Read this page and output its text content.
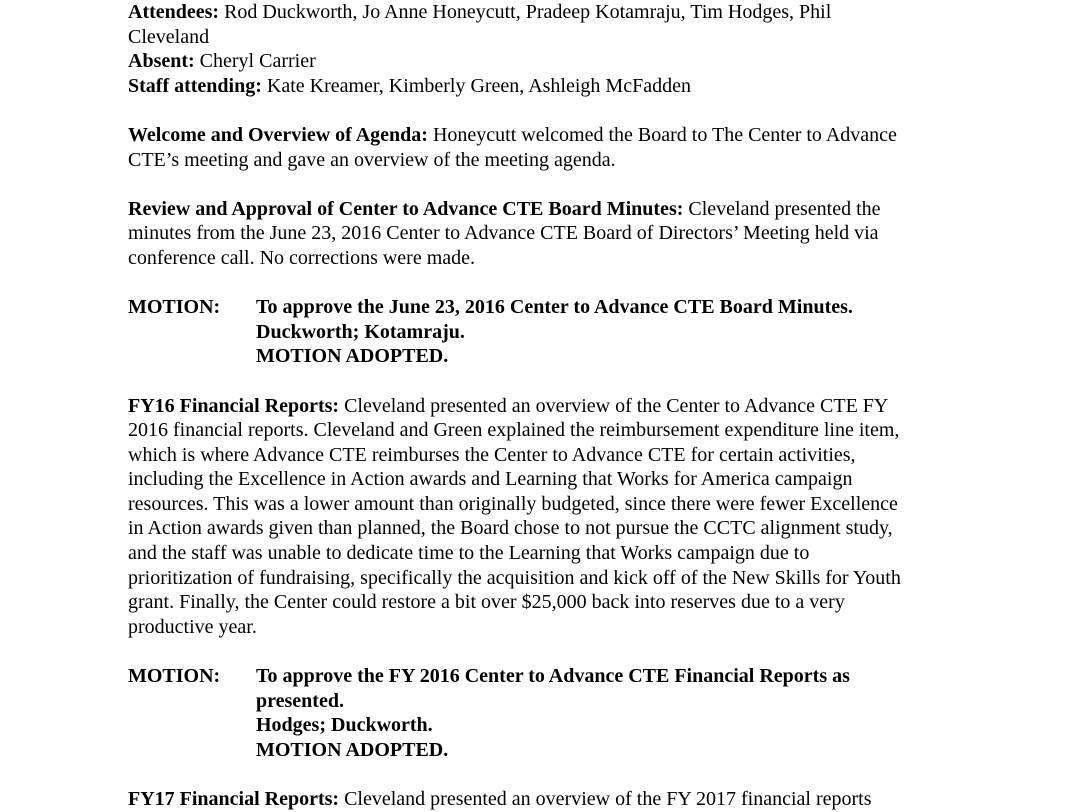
Attendees: Rod Duckworth, Jo Anne Honeycutt, Pradeep Kotamraju, Tim Hodges, Phil
Cleveland
Absent: Cheryl Carrier
Staff attending: Kate Kreamer, Kimberly Green, Ashleigh McFadden
Welcome and Overview of Agenda: Honeycutt welcomed the Board to The Center to Advance
CTE’s meeting and gave an overview of the meeting agenda.
Review and Approval of Center to Advance CTE Board Minutes: Cleveland presented the
minutes from the June 23, 2016 Center to Advance CTE Board of Directors’ Meeting held via
conference call. No corrections were made.
MOTION: To approve the June 23, 2016 Center to Advance CTE Board Minutes.
Duckworth; Kotamraju.
MOTION ADOPTED.
FY16 Financial Reports: Cleveland presented an overview of the Center to Advance CTE FY
2016 financial reports. Cleveland and Green explained the reimbursement expenditure line item,
which is where Advance CTE reimburses the Center to Advance CTE for certain activities,
including the Excellence in Action awards and Learning that Works for America campaign
resources. This was a lower amount than originally budgeted, since there were fewer Excellence
in Action awards given than planned, the Board chose to not pursue the CCTC alignment study,
and the staff was unable to dedicate time to the Learning that Works campaign due to
prioritization of fundraising, specifically the acquisition and kick off of the New Skills for Youth
grant. Finally, the Center could restore a bit over $25,000 back into reserves due to a very
productive year.
MOTION: To approve the FY 2016 Center to Advance CTE Financial Reports as
presented.
Hodges; Duckworth.
MOTION ADOPTED.
FY17 Financial Reports: Cleveland presented an overview of the FY 2017 financial reports
